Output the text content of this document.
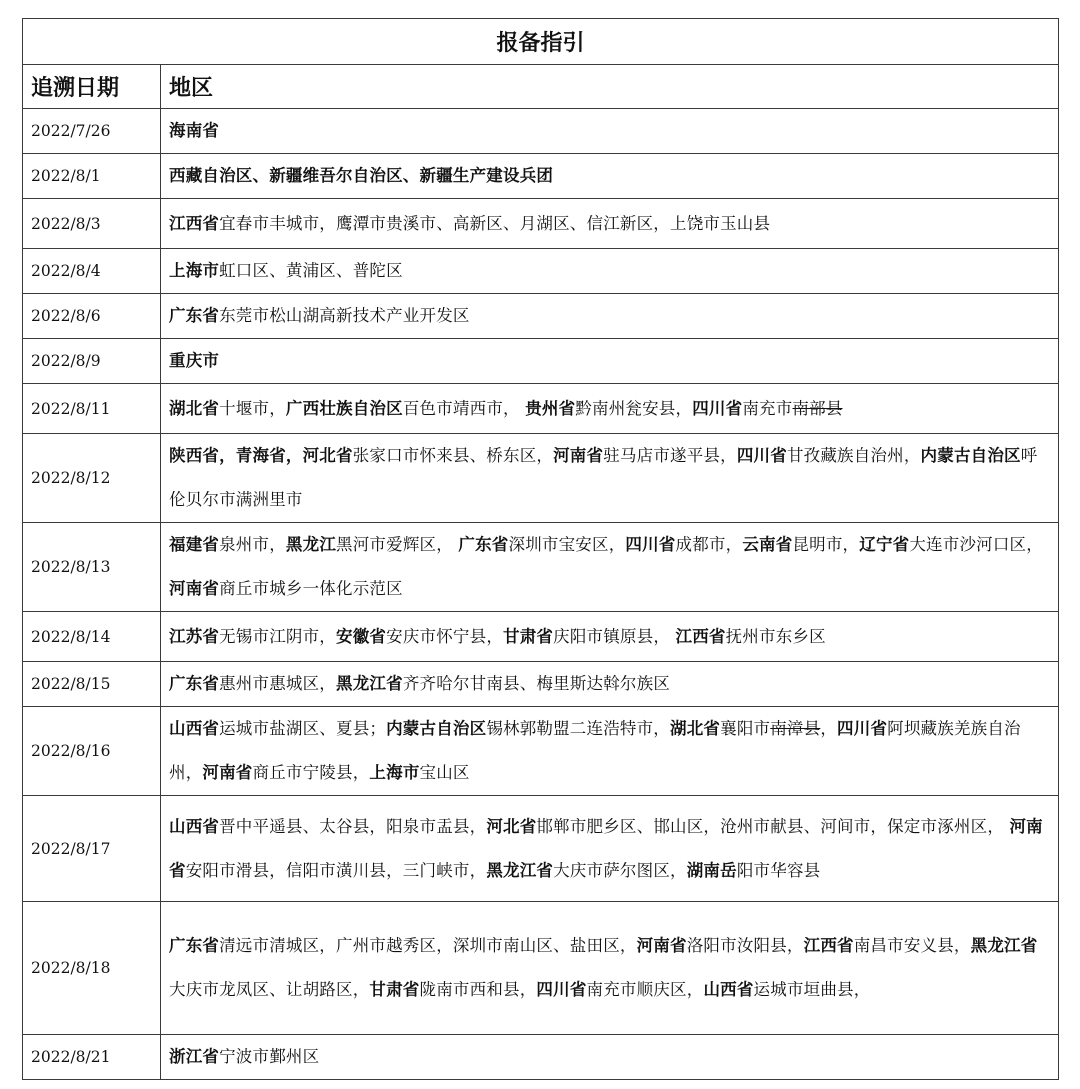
报备指引	
追溯日期	地区
2022/7/26	海南省
2022/8/1	西藏自治区、新疆维吾尔自治区、新疆生产建设兵团
2022/8/3	江西省宜春市丰城市，鹰潭市贵溪市、高新区、月湖区、信江新区，上饶市玉山县
2022/8/4	上海市虹口区、黄浦区、普陀区
2022/8/6	广东省东莞市松山湖高新技术产业开发区
2022/8/9	重庆市
2022/8/11	湖北省十堰市，广西壮族自治区百色市靖西市， 贵州省黔南州瓮安县，四川省南充市南部县
2022/8/12	陕西省，青海省，河北省张家口市怀来县、桥东区，河南省驻马店市遂平县，四川省甘孜藏族自治州，内蒙古自治区呼伦贝尔市满洲里市
2022/8/13	福建省泉州市，黑龙江黑河市爱辉区， 广东省深圳市宝安区，四川省成都市，云南省昆明市，辽宁省大连市沙河口区，河南省商丘市城乡一体化示范区
2022/8/14	江苏省无锡市江阴市，安徽省安庆市怀宁县，甘肃省庆阳市镇原县， 江西省抚州市东乡区
2022/8/15	广东省惠州市惠城区，黑龙江省齐齐哈尔甘南县、梅里斯达斡尔族区
2022/8/16	山西省运城市盐湖区、夏县；内蒙古自治区锡林郭勒盟二连浩特市，湖北省襄阳市南漳县，四川省阿坝藏族羌族自治州，河南省商丘市宁陵县，上海市宝山区
2022/8/17	山西省晋中平遥县、太谷县，阳泉市盂县，河北省邯郸市肥乡区、邯山区，沧州市献县、河间市，保定市涿州区， 河南省安阳市滑县，信阳市潢川县，三门峡市，黑龙江省大庆市萨尔图区，湖南岳阳市华容县
2022/8/18	广东省清远市清城区，广州市越秀区，深圳市南山区、盐田区，河南省洛阳市汝阳县，江西省南昌市安义县，黑龙江省大庆市龙凤区、让胡路区，甘肃省陇南市西和县，四川省南充市顺庆区，山西省运城市垣曲县，
2022/8/21	浙江省宁波市鄞州区
